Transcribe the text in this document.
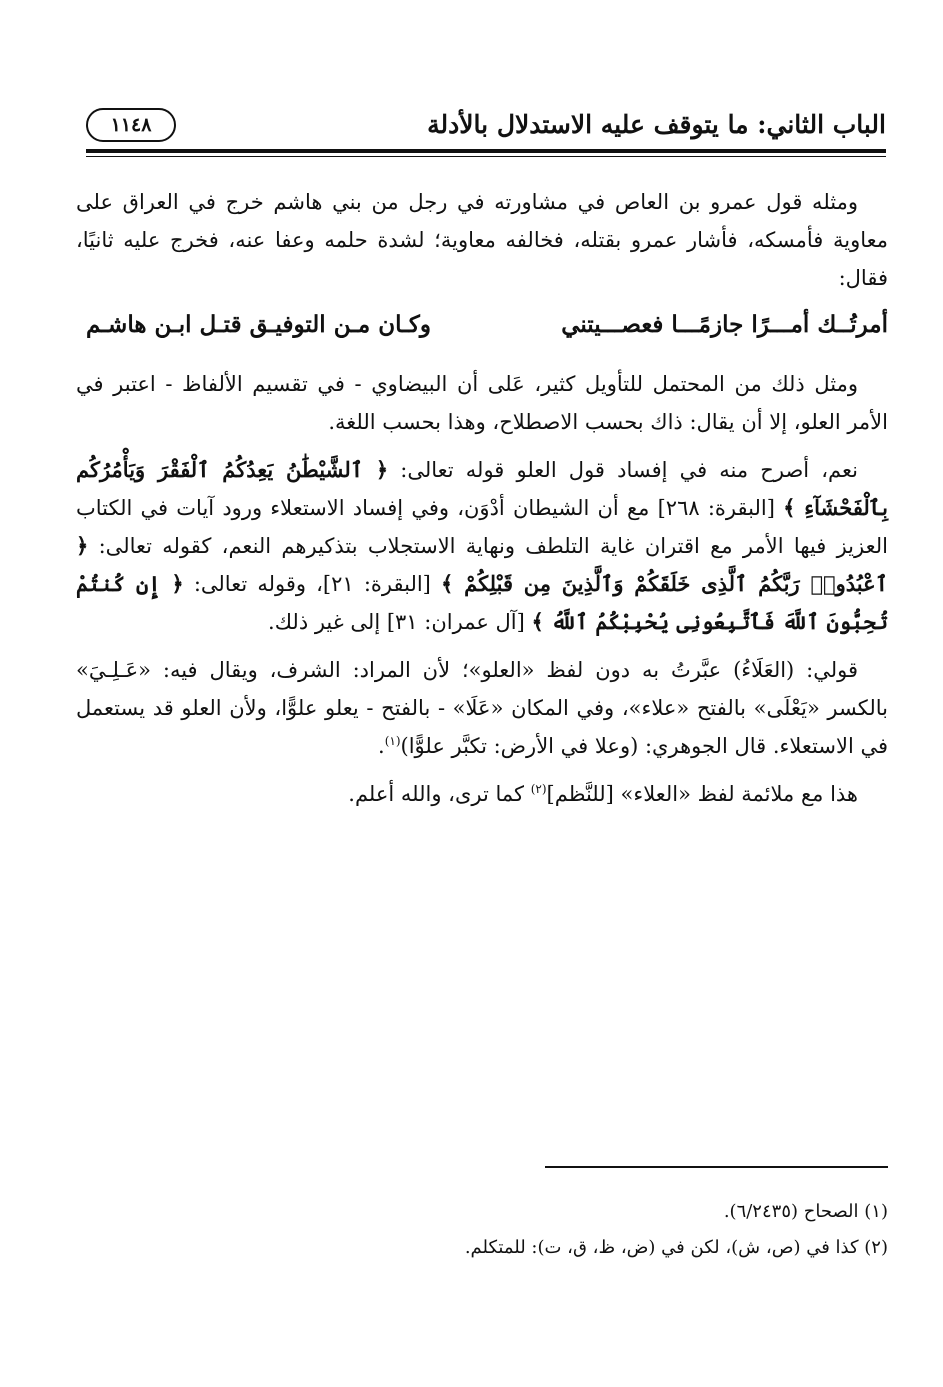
الباب الثاني: ما يتوقف عليه الاستدلال بالأدلة
١١٤٨

ومثله قول عمرو بن العاص في مشاورته في رجل من بني هاشم خرج في العراق على معاوية فأمسكه، فأشار عمرو بقتله، فخالفه معاوية؛ لشدة حلمه وعفا عنه، فخرج عليه ثانيًا، فقال:

أمرتُــك أمـــرًا جازمًـــا فعصـــيتني
وكـان مـن التوفيـق قتـل ابـن هاشـم

ومثل ذلك من المحتمل للتأويل كثير، عَلى أن البيضاوي - في تقسيم الألفاظ - اعتبر في الأمر العلو، إلا أن يقال: ذاك بحسب الاصطلاح، وهذا بحسب اللغة.

نعم، أصرح منه في إفساد قول العلو قوله تعالى: ﴿ ٱلشَّيْطَٰنُ يَعِدُكُمُ ٱلْفَقْرَ وَيَأْمُرُكُم بِٱلْفَحْشَآءِ ﴾ [البقرة: ٢٦٨] مع أن الشيطان أدْوَن، وفي إفساد الاستعلاء ورود آيات في الكتاب العزيز فيها الأمر مع اقتران غاية التلطف ونهاية الاستجلاب بتذكيرهم النعم، كقوله تعالى: ﴿ ٱعْبُدُوا۟ رَبَّكُمُ ٱلَّذِى خَلَقَكُمْ وَٱلَّذِينَ مِن قَبْلِكُمْ ﴾ [البقرة: ٢١]، وقوله تعالى: ﴿ إِن كُنتُمْ تُحِبُّونَ ٱللَّهَ فَٱتَّبِعُونِى يُحْبِبْكُمُ ٱللَّهُ ﴾ [آل عمران: ٣١] إلى غير ذلك.

قولي: (العَلَاءُ) عبَّرتُ به دون لفظ «العلو»؛ لأن المراد: الشرف، ويقال فيه: «عَـلِـيَ» بالكسر «يَعْلَى» بالفتح «علاء»، وفي المكان «عَلَا» - بالفتح - يعلو علوًّا، ولأن العلو قد يستعمل في الاستعلاء. قال الجوهري: (وعلا في الأرض: تكبَّر علوًّا)$^{(١)}$.

هذا مع ملائمة لفظ «العلاء» [للنَّظم]$^{(٢)}$ كما ترى، والله أعلم.

(١) الصحاح (٦/٢٤٣٥).

(٢) كذا في (ص، ش)، لكن في (ض، ظ، ق، ت): للمتكلم.
